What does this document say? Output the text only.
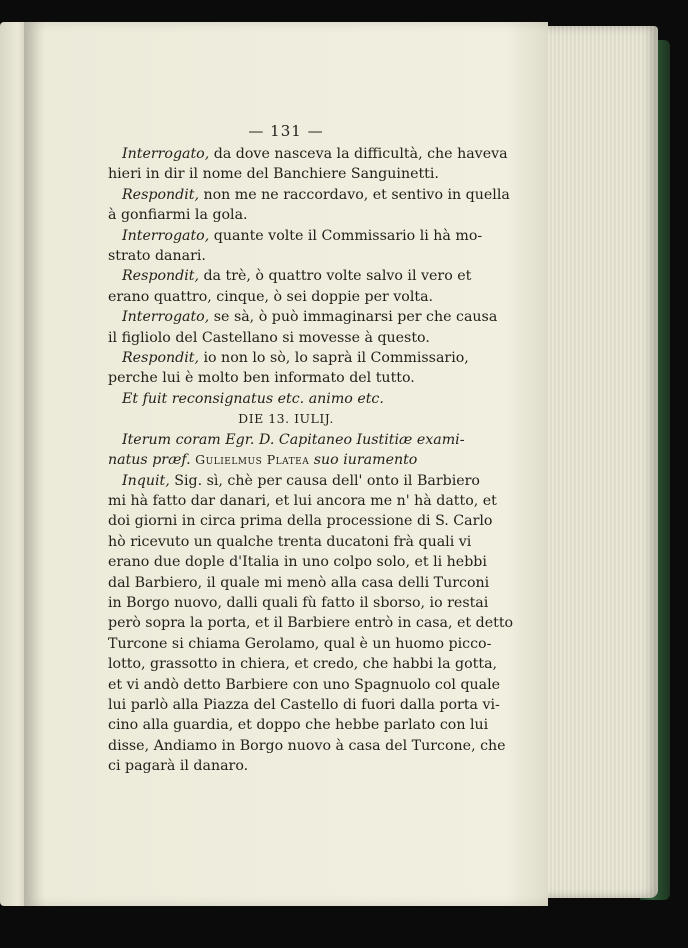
— 131 —
Interrogato, da dove nasceva la difficultà, che haveva
hieri in dir il nome del Banchiere Sanguinetti.
Respondit, non me ne raccordavo, et sentivo in quella
à gonfiarmi la gola.
Interrogato, quante volte il Commissario li hà mo-
strato danari.
Respondit, da trè, ò quattro volte salvo il vero et
erano quattro, cinque, ò sei doppie per volta.
Interrogato, se sà, ò può immaginarsi per che causa
il figliolo del Castellano si movesse à questo.
Respondit, io non lo sò, lo saprà il Commissario,
perche lui è molto ben informato del tutto.
Et fuit reconsignatus etc. animo etc.
DIE 13. IULIJ.
Iterum coram Egr. D. Capitaneo Iustitiæ exami-
natus præf. Gulielmus Platea suo iuramento
Inquit, Sig. sì, chè per causa dell' onto il Barbiero
mi hà fatto dar danari, et lui ancora me n' hà datto, et
doi giorni in circa prima della processione di S. Carlo
hò ricevuto un qualche trenta ducatoni frà quali vi
erano due dople d'Italia in uno colpo solo, et li hebbi
dal Barbiero, il quale mi menò alla casa delli Turconi
in Borgo nuovo, dalli quali fù fatto il sborso, io restai
però sopra la porta, et il Barbiere entrò in casa, et detto
Turcone si chiama Gerolamo, qual è un huomo picco-
lotto, grassotto in chiera, et credo, che habbi la gotta,
et vi andò detto Barbiere con uno Spagnuolo col quale
lui parlò alla Piazza del Castello di fuori dalla porta vi-
cino alla guardia, et doppo che hebbe parlato con lui
disse, Andiamo in Borgo nuovo à casa del Turcone, che
ci pagarà il danaro.
